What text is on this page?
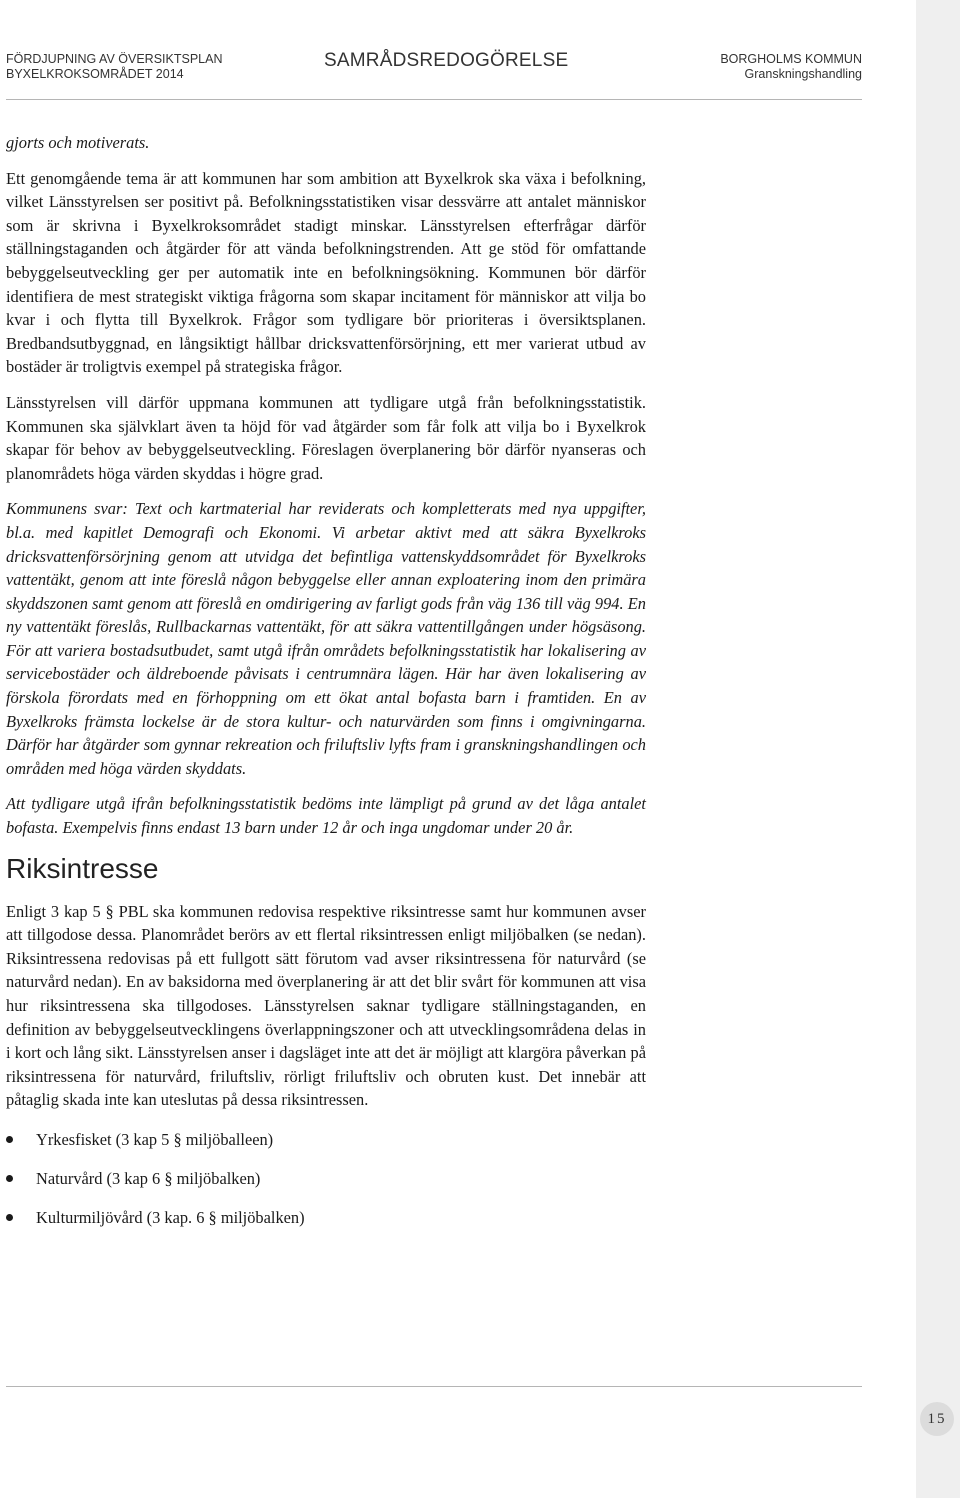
15
FÖRDJUPNING AV ÖVERSIKTSPLAN
BYXELKROKSOMRÅDET 2014
SAMRÅDSREDOGÖRELSE	BORGHOLMS KOMMUN
Granskningshandling

gjorts och motiverats.

Ett genomgående tema är att kommunen har som ambition att Byxelkrok ska växa i befolkning, vilket Länsstyrelsen ser positivt på. Befolkningsstatistiken visar dessvärre att antalet människor som är skrivna i Byxelkroksområdet stadigt minskar. Länsstyrelsen efterfrågar därför ställningstaganden och åtgärder för att vända befolkningstrenden. Att ge stöd för omfattande bebyggelseutveckling ger per automatik inte en befolkningsökning. Kommunen bör därför identifiera de mest strategiskt viktiga frågorna som skapar incitament för människor att vilja bo kvar i och flytta till Byxelkrok. Frågor som tydligare bör prioriteras i översiktsplanen. Bredbandsutbyggnad, en långsiktigt hållbar dricksvattenförsörjning, ett mer varierat utbud av bostäder är troligtvis exempel på strategiska frågor.

Länsstyrelsen vill därför uppmana kommunen att tydligare utgå från befolkningsstatistik. Kommunen ska självklart även ta höjd för vad åtgärder som får folk att vilja bo i Byxelkrok skapar för behov av bebyggelseutveckling. Föreslagen överplanering bör därför nyanseras och planområdets höga värden skyddas i högre grad.

Kommunens svar: Text och kartmaterial har reviderats och kompletterats med nya uppgifter, bl.a. med kapitlet Demografi och Ekonomi. Vi arbetar aktivt med att säkra Byxelkroks dricksvattenförsörjning genom att utvidga det befintliga vattenskyddsområdet för Byxelkroks vattentäkt, genom att inte föreslå någon bebyggelse eller annan exploatering inom den primära skyddszonen samt genom att föreslå en omdirigering av farligt gods från väg 136 till väg 994. En ny vattentäkt föreslås, Rullbackarnas vattentäkt, för att säkra vattentillgången under högsäsong. För att variera bostadsutbudet, samt utgå ifrån områdets befolkningsstatistik har lokalisering av servicebostäder och äldreboende påvisats i centrumnära lägen. Här har även lokalisering av förskola förordats med en förhoppning om ett ökat antal bofasta barn i framtiden. En av Byxelkroks främsta lockelse är de stora kultur- och naturvärden som finns i omgivningarna. Därför har åtgärder som gynnar rekreation och friluftsliv lyfts fram i granskningshandlingen och områden med höga värden skyddats.

Att tydligare utgå ifrån befolkningsstatistik bedöms inte lämpligt på grund av det låga antalet bofasta. Exempelvis finns endast 13 barn under 12 år och inga ungdomar under 20 år.

Riksintresse

Enligt 3 kap 5 § PBL ska kommunen redovisa respektive riksintresse samt hur kommunen avser att tillgodose dessa. Planområdet berörs av ett flertal riksintressen enligt miljöbalken (se nedan). Riksintressena redovisas på ett fullgott sätt förutom vad avser riksintressena för naturvård (se naturvård nedan). En av baksidorna med överplanering är att det blir svårt för kommunen att visa hur riksintressena ska tillgodoses. Länsstyrelsen saknar tydligare ställningstaganden, en definition av bebyggelseutvecklingens överlappningszoner och att utvecklingsområdena delas in i kort och lång sikt. Länsstyrelsen anser i dagsläget inte att det är möjligt att klargöra påverkan på riksintressena för naturvård, friluftsliv, rörligt friluftsliv och obruten kust. Det innebär att påtaglig skada inte kan uteslutas på dessa riksintressen.

Yrkesfisket (3 kap 5 § miljöballeen)
Naturvård (3 kap 6 § miljöbalken)
Kulturmiljövård (3 kap. 6 § miljöbalken)
